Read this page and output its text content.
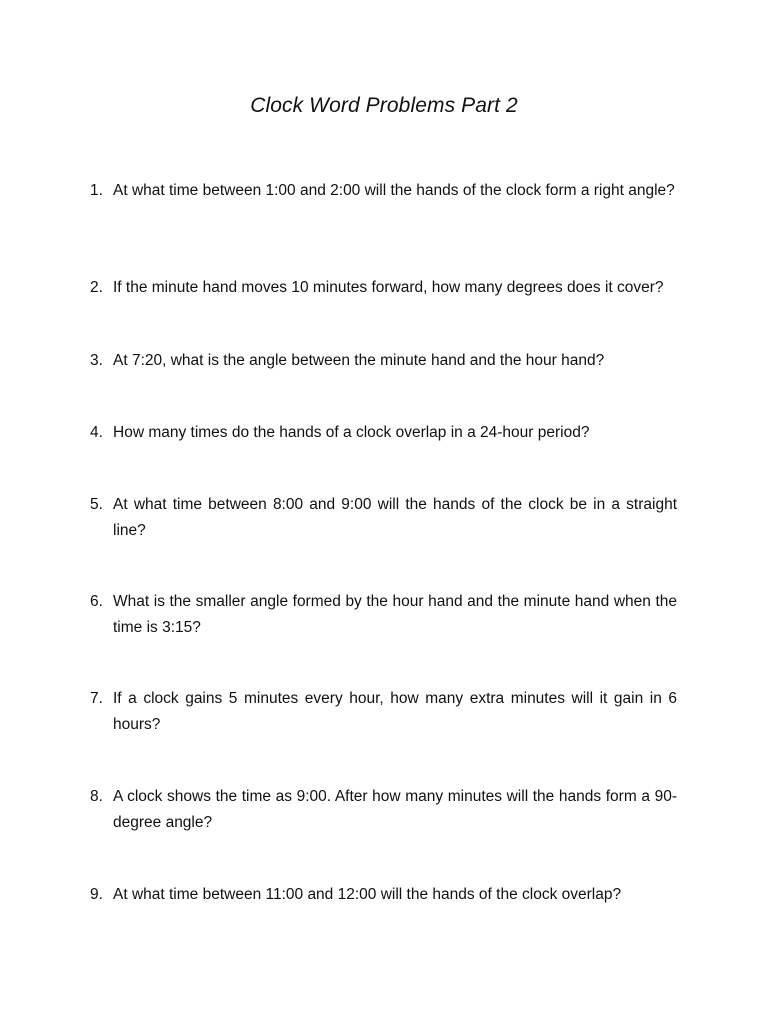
Clock Word Problems Part 2
1. At what time between 1:00 and 2:00 will the hands of the clock form a right angle?
2. If the minute hand moves 10 minutes forward, how many degrees does it cover?
3. At 7:20, what is the angle between the minute hand and the hour hand?
4. How many times do the hands of a clock overlap in a 24-hour period?
5. At what time between 8:00 and 9:00 will the hands of the clock be in a straight line?
6. What is the smaller angle formed by the hour hand and the minute hand when the time is 3:15?
7. If a clock gains 5 minutes every hour, how many extra minutes will it gain in 6 hours?
8. A clock shows the time as 9:00. After how many minutes will the hands form a 90-degree angle?
9. At what time between 11:00 and 12:00 will the hands of the clock overlap?
